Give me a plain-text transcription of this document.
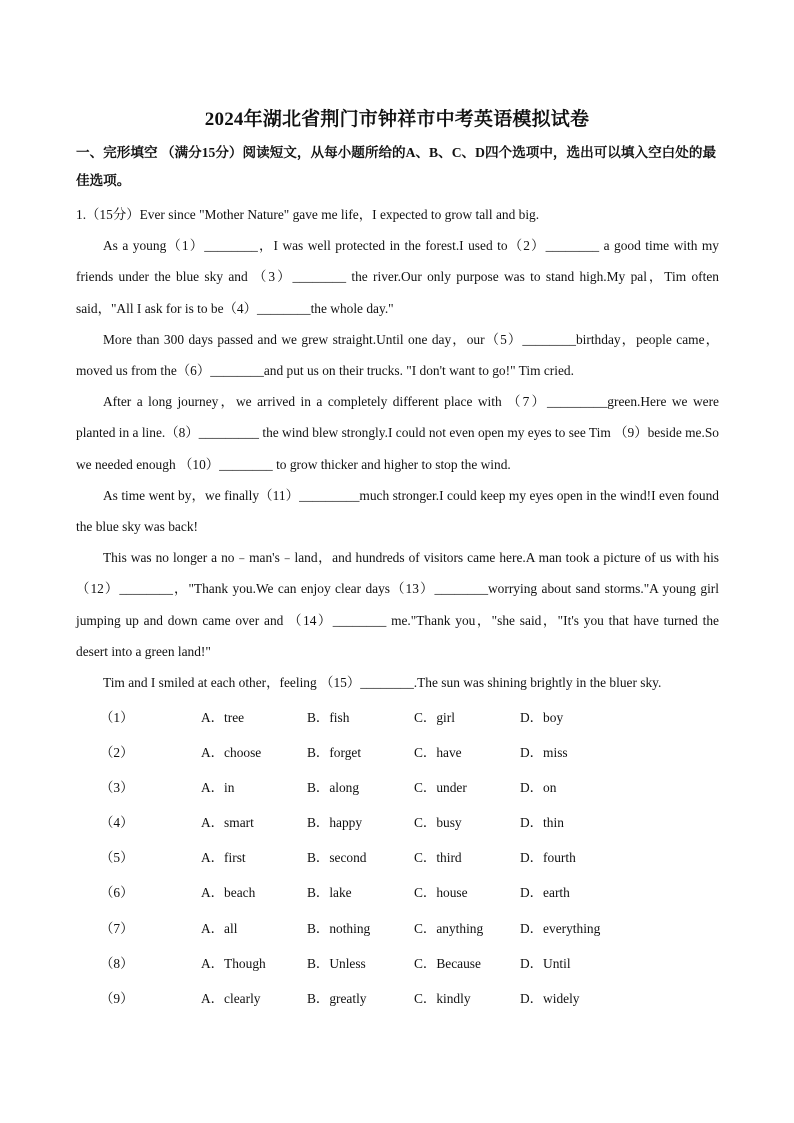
2024年湖北省荆门市钟祥市中考英语模拟试卷
一、完形填空 （满分15分）阅读短文，从每小题所给的A、B、C、D四个选项中，选出可以填入空白处的最佳选项。
1.（15分）Ever since "Mother Nature" gave me life，I expected to grow tall and big.
As a young（1）________，I was well protected in the forest.I used to（2）________ a good time with my friends under the blue sky and （3）________ the river.Our only purpose was to stand high.My pal，Tim often said，"All I ask for is to be（4）________the whole day."
More than 300 days passed and we grew straight.Until one day，our（5）________birthday，people came，moved us from the（6）________and put us on their trucks. "I don't want to go!" Tim cried.
After a long journey，we arrived in a completely different place with （7）_________green.Here we were planted in a line.（8）_________ the wind blew strongly.I could not even open my eyes to see Tim （9）beside me.So we needed enough （10）________ to grow thicker and higher to stop the wind.
As time went by，we finally（11）_________much stronger.I could keep my eyes open in the wind!I even found the blue sky was back!
This was no longer a no﹣man's﹣land，and hundreds of visitors came here.A man took a picture of us with his （12）________，"Thank you.We can enjoy clear days（13）________worrying about sand storms."A young girl jumping up and down came over and （14）________ me."Thank you，"she said，"It's you that have turned the desert into a green land!"
Tim and I smiled at each other，feeling （15）________.The sun was shining brightly in the bluer sky.
（1）	A．tree	B．fish	C．girl	D．boy
（2）	A．choose	B．forget	C．have	D．miss
（3）	A．in	B．along	C．under	D．on
（4）	A．smart	B．happy	C．busy	D．thin
（5）	A．first	B．second	C．third	D．fourth
（6）	A．beach	B．lake	C．house	D．earth
（7）	A．all	B．nothing	C．anything	D．everything
（8）	A．Though	B．Unless	C．Because	D．Until
（9）	A．clearly	B．greatly	C．kindly	D．widely
